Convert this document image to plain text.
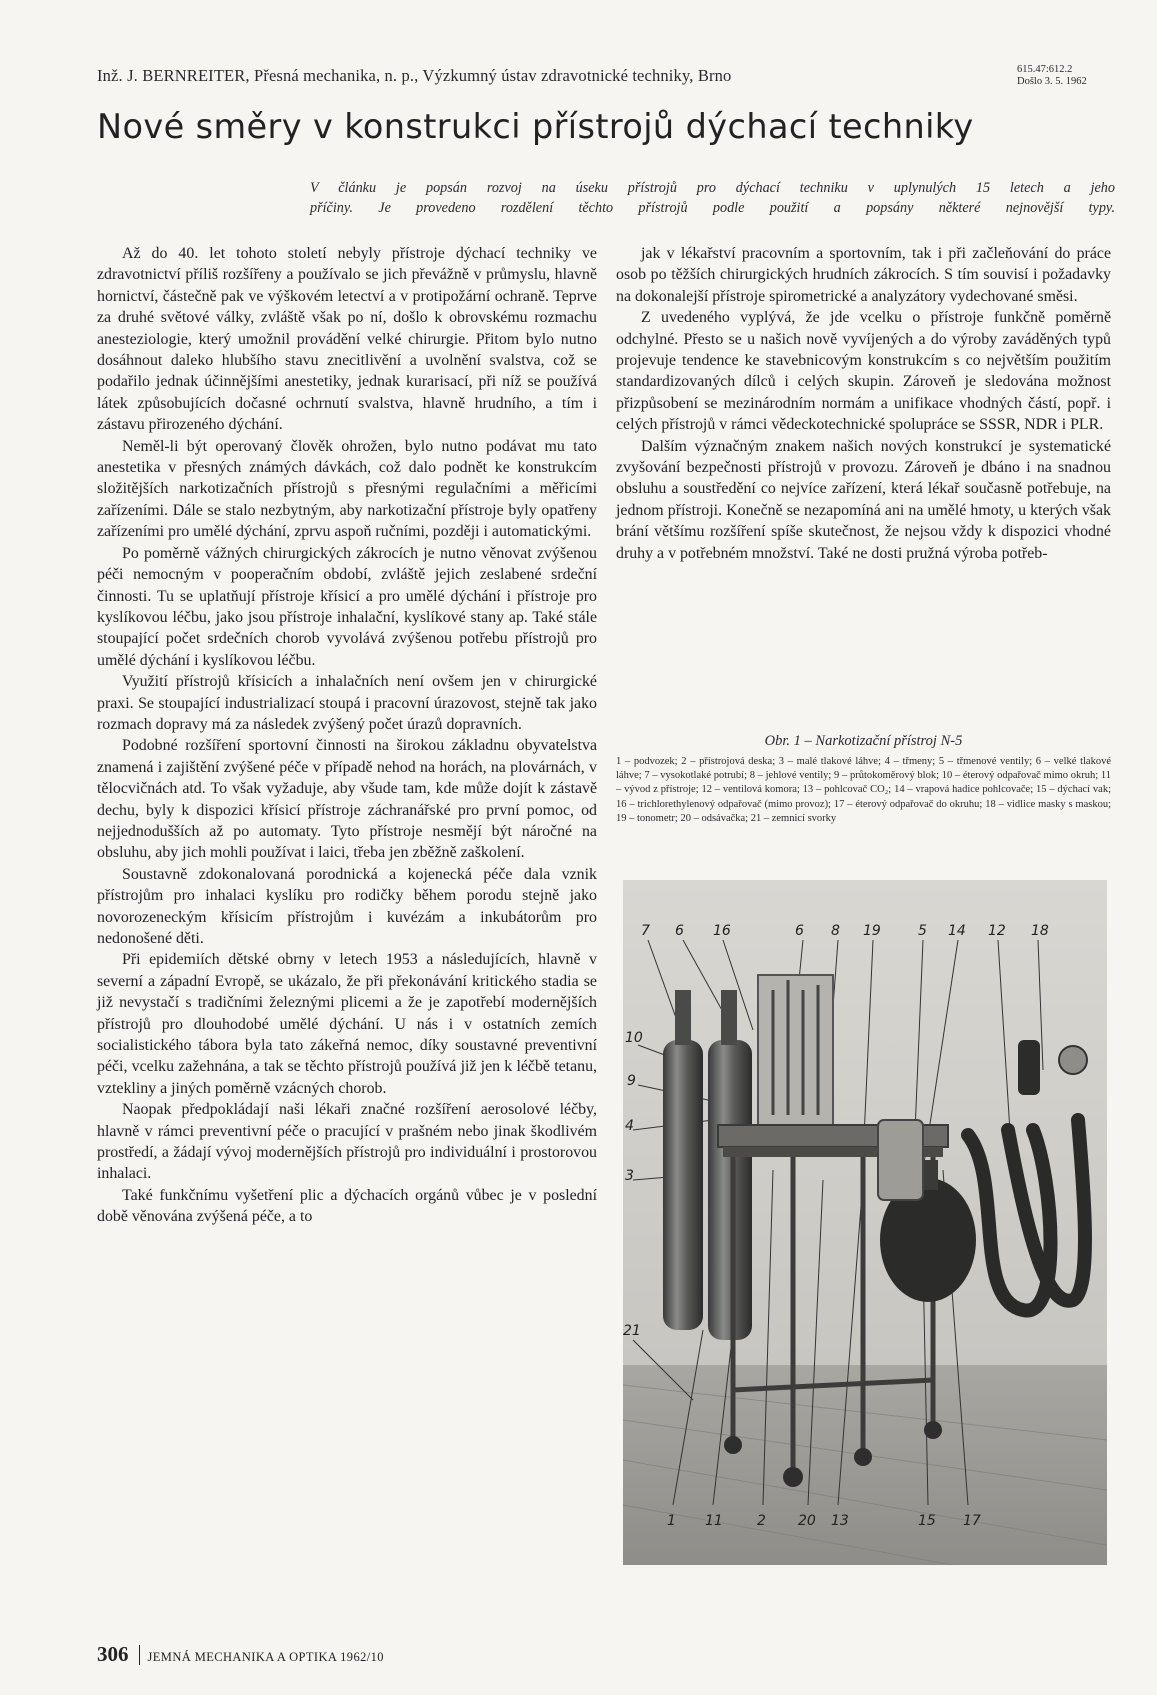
Inž. J. BERNREITER, Přesná mechanika, n. p., Výzkumný ústav zdravotnické techniky, Brno	615.47:612.2
Došlo 3. 5. 1962
Nové směry v konstrukci přístrojů dýchací techniky
V článku je popsán rozvoj na úseku přístrojů pro dýchací techniku v uplynulých 15 letech a jeho
příčiny. Je provedeno rozdělení těchto přístrojů podle použití a popsány některé nejnovější typy.

Až do 40. let tohoto století nebyly přístroje dýchací techniky ve zdravotnictví příliš rozšířeny a používalo se jich převážně v průmyslu, hlavně hornictví, částečně pak ve výškovém letectví a v protipožární ochraně. Teprve za druhé světové války, zvláště však po ní, došlo k obrovskému rozmachu anesteziologie, který umožnil provádění velké chirurgie. Přitom bylo nutno dosáhnout daleko hlubšího stavu znecitlivění a uvolnění svalstva, což se podařilo jednak účinnějšími anestetiky, jednak kurarisací, při níž se používá látek způsobujících dočasné ochrnutí svalstva, hlavně hrudního, a tím i zástavu přirozeného dýchání.

Neměl-li být operovaný člověk ohrožen, bylo nutno podávat mu tato anestetika v přesných známých dávkách, což dalo podnět ke konstrukcím složitějších narkotizačních přístrojů s přesnými regulačními a měřicími zařízeními. Dále se stalo nezbytným, aby narkotizační přístroje byly opatřeny zařízeními pro umělé dýchání, zprvu aspoň ručními, později i automatickými.

Po poměrně vážných chirurgických zákrocích je nutno věnovat zvýšenou péči nemocným v pooperačním období, zvláště jejich zeslabené srdeční činnosti. Tu se uplatňují přístroje křísicí a pro umělé dýchání i přístroje pro kyslíkovou léčbu, jako jsou přístroje inhalační, kyslíkové stany ap. Také stále stoupající počet srdečních chorob vyvolává zvýšenou potřebu přístrojů pro umělé dýchání i kyslíkovou léčbu.

Využití přístrojů křísicích a inhalačních není ovšem jen v chirurgické praxi. Se stoupající industrializací stoupá i pracovní úrazovost, stejně tak jako rozmach dopravy má za následek zvýšený počet úrazů dopravních.

Podobné rozšíření sportovní činnosti na širokou základnu obyvatelstva znamená i zajištění zvýšené péče v případě nehod na horách, na plovárnách, v tělocvičnách atd. To však vyžaduje, aby všude tam, kde může dojít k zástavě dechu, byly k dispozici křísicí přístroje záchranářské pro první pomoc, od nejjednodušších až po automaty. Tyto přístroje nesmějí být náročné na obsluhu, aby jich mohli používat i laici, třeba jen zběžně zaškolení.

Soustavně zdokonalovaná porodnická a kojenecká péče dala vznik přístrojům pro inhalaci kyslíku pro rodičky během porodu stejně jako novorozeneckým křísicím přístrojům i kuvézám a inkubátorům pro nedonošené děti.

Při epidemiích dětské obrny v letech 1953 a následujících, hlavně v severní a západní Evropě, se ukázalo, že při překonávání kritického stadia se již nevystačí s tradičními železnými plicemi a že je zapotřebí modernějších přístrojů pro dlouhodobé umělé dýchání. U nás i v ostatních zemích socialistického tábora byla tato zákeřná nemoc, díky soustavné preventivní péči, vcelku zažehnána, a tak se těchto přístrojů používá již jen k léčbě tetanu, vztekliny a jiných poměrně vzácných chorob.

Naopak předpokládají naši lékaři značné rozšíření aerosolové léčby, hlavně v rámci preventivní péče o pracující v prašném nebo jinak škodlivém prostředí, a žádají vývoj modernějších přístrojů pro individuální i prostorovou inhalaci.

Také funkčnímu vyšetření plic a dýchacích orgánů vůbec je v poslední době věnována zvýšená péče, a to

jak v lékařství pracovním a sportovním, tak i při začleňování do práce osob po těžších chirurgických hrudních zákrocích. S tím souvisí i požadavky na dokonalejší přístroje spirometrické a analyzátory vydechované směsi.

Z uvedeného vyplývá, že jde vcelku o přístroje funkčně poměrně odchylné. Přesto se u našich nově vyvíjených a do výroby zaváděných typů projevuje tendence ke stavebnicovým konstrukcím s co největším použitím standardizovaných dílců i celých skupin. Zároveň je sledována možnost přizpůsobení se mezinárodním normám a unifikace vhodných částí, popř. i celých přístrojů v rámci vědeckotechnické spolupráce se SSSR, NDR i PLR.

Dalším význačným znakem našich nových konstrukcí je systematické zvyšování bezpečnosti přístrojů v provozu. Zároveň je dbáno i na snadnou obsluhu a soustředění co nejvíce zařízení, která lékař současně potřebuje, na jednom přístroji. Konečně se nezapomíná ani na umělé hmoty, u kterých však brání většímu rozšíření spíše skutečnost, že nejsou vždy k dispozici vhodné druhy a v potřebném množství. Také ne dosti pružná výroba potřeb-

Obr. 1 – Narkotizační přístroj N-5
1 – podvozek; 2 – přístrojová deska; 3 – malé tlakové láhve; 4 – třmeny; 5 – třmenové ventily; 6 – velké tlakové láhve; 7 – vysokotlaké potrubí; 8 – jehlové ventily; 9 – průtokoměrový blok; 10 – éterový odpařovač mimo okruh; 11 – vývod z přístroje; 12 – ventilová komora; 13 – pohlcovač CO₂; 14 – vrapová hadice pohlcovače; 15 – dýchací vak; 16 – trichlorethylenový odpařovač (mimo provoz); 17 – éterový odpařovač do okruhu; 18 – vidlice masky s maskou; 19 – tonometr; 20 – odsávačka; 21 – zemnicí svorky
7 6 16	6 8 19	5 14 12 18
10
9
4
3
21
1 11 2 20 13	15 17
306 JEMNÁ MECHANIKA A OPTIKA 1962/10
